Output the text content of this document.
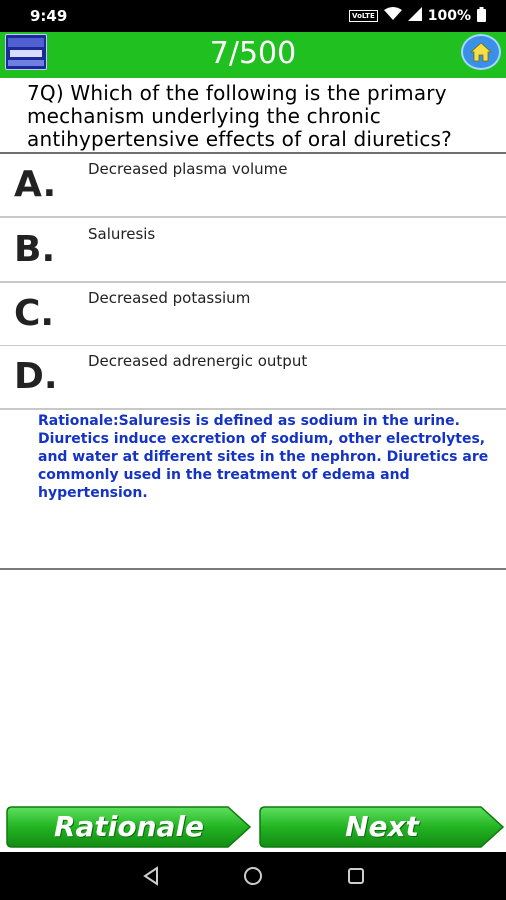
9:49	VoLTE	100%
7/500
7Q) Which of the following is the primary mechanism underlying the chronic antihypertensive effects of oral diuretics?
A. Decreased plasma volume
B. Saluresis
C. Decreased potassium
D. Decreased adrenergic output
Rationale:Saluresis is defined as sodium in the urine. Diuretics induce excretion of sodium, other electrolytes, and water at different sites in the nephron. Diuretics are commonly used in the treatment of edema and hypertension.
Rationale	Next
